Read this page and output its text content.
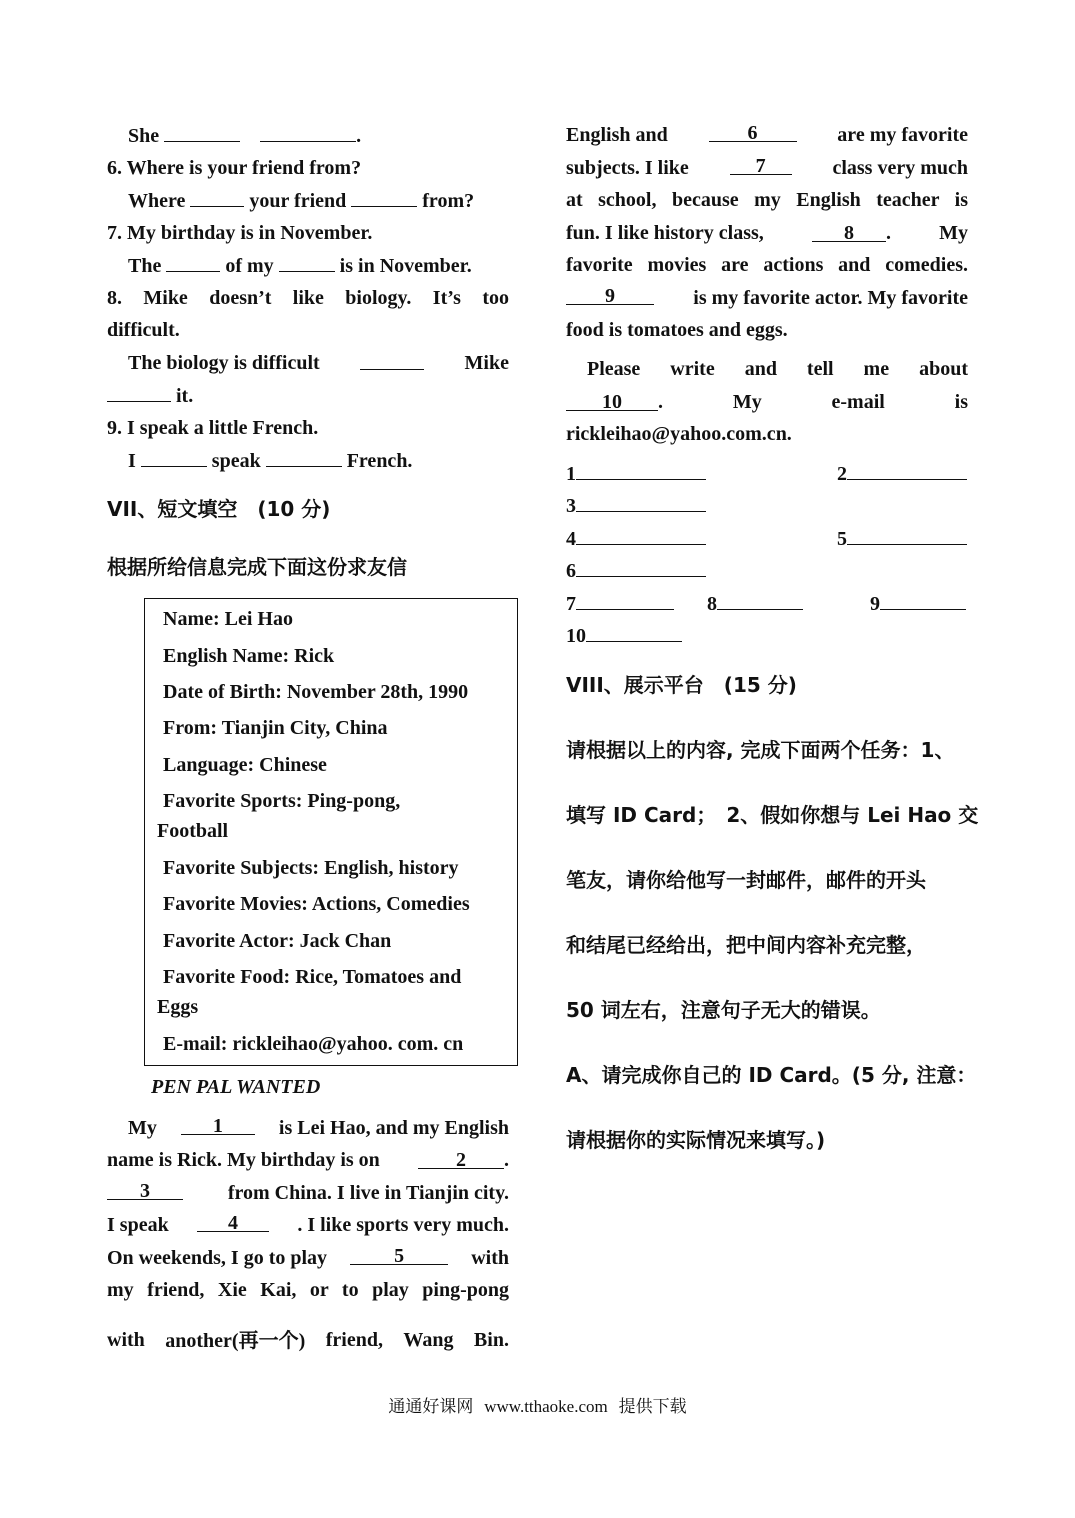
She	.
6. Where is your friend from?
Where	your friend	from?
7. My birthday is in November.
The	of my	is in November.
8. Mike doesn’t like biology. It’s too
difficult.
The biology is difficult	Mike
it.
9. I speak a little French.
I	speak	French.
VII、短文填空　(10 分)
根据所给信息完成下面这份求友信
Name: Lei Hao
English Name: Rick
Date of Birth: November 28th, 1990
From: Tianjin City, China
Language: Chinese
Favorite Sports: Ping-pong,
Football
Favorite Subjects: English, history
Favorite Movies: Actions, Comedies
Favorite Actor: Jack Chan
Favorite Food: Rice, Tomatoes and
Eggs
E-mail: rickleihao@yahoo. com. cn
PEN PAL WANTED
My	1	is Lei Hao, and my English
name is Rick. My birthday is on	2 .
3	from China. I live in Tianjin city.
I speak	4	. I like sports very much.
On weekends, I go to play	5	with
my friend, Xie Kai, or to play ping-pong
with another(再一个) friend, Wang Bin.
English and	6	are my favorite
subjects. I like	7	class very much
at school, because my English teacher is
fun. I like history class,	8 . My
favorite movies are actions and comedies.
9	is my favorite actor. My favorite
food is tomatoes and eggs.
Please write and tell me about
10 .	My	e-mail	is
rickleihao@yahoo.com.cn.
1	2
3
4	5
6
7	8	9
10
VIII、展示平台　(15 分)
请根据以上的内容, 完成下面两个任务：1、
填写 ID Card；　2、假如你想与 Lei Hao 交
笔友，请你给他写一封邮件，邮件的开头
和结尾已经给出，把中间内容补充完整，
50 词左右，注意句子无大的错误。
A、请完成你自己的 ID Card。(5 分, 注意：
请根据你的实际情况来填写。)
通通好课网 www.tthaoke.com 提供下载
